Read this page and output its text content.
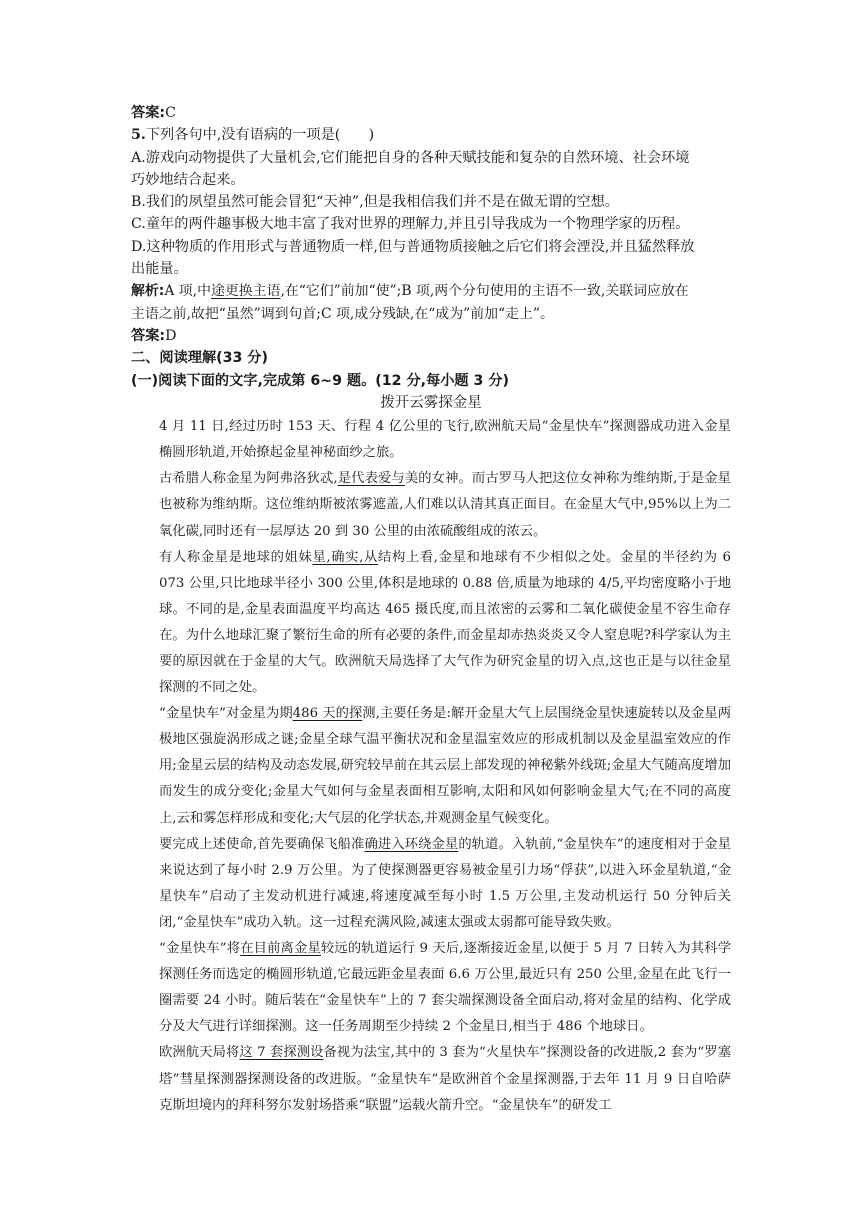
答案:C
5.下列各句中,没有语病的一项是(　　)
A.游戏向动物提供了大量机会,它们能把自身的各种天赋技能和复杂的自然环境、社会环境
巧妙地结合起来。
B.我们的夙望虽然可能会冒犯“天神”,但是我相信我们并不是在做无谓的空想。
C.童年的两件趣事极大地丰富了我对世界的理解力,并且引导我成为一个物理学家的历程。
D.这种物质的作用形式与普通物质一样,但与普通物质接触之后它们将会湮没,并且猛然释放
出能量。
解析:A 项,中途更换主语,在“它们”前加“使”;B 项,两个分句使用的主语不一致,关联词应放在
主语之前,故把“虽然”调到句首;C 项,成分残缺,在“成为”前加“走上”。
答案:D
二、阅读理解(33 分)
(一)阅读下面的文字,完成第 6~9 题。(12 分,每小题 3 分)
拨开云雾探金星

4 月 11 日,经过历时 153 天、行程 4 亿公里的飞行,欧洲航天局“金星快车”探测器成功进入金星椭圆形轨道,开始撩起金星神秘面纱之旅。

古希腊人称金星为阿弗洛狄忒,是代表爱与美的女神。而古罗马人把这位女神称为维纳斯,于是金星也被称为维纳斯。这位维纳斯被浓雾遮盖,人们难以认清其真正面目。在金星大气中,95%以上为二氧化碳,同时还有一层厚达 20 到 30 公里的由浓硫酸组成的浓云。

有人称金星是地球的姐妹星,确实,从结构上看,金星和地球有不少相似之处。金星的半径约为 6 073 公里,只比地球半径小 300 公里,体积是地球的 0.88 倍,质量为地球的 4/5,平均密度略小于地球。不同的是,金星表面温度平均高达 465 摄氏度,而且浓密的云雾和二氧化碳使金星不容生命存在。为什么地球汇聚了繁衍生命的所有必要的条件,而金星却赤热炎炎又令人窒息呢?科学家认为主要的原因就在于金星的大气。欧洲航天局选择了大气作为研究金星的切入点,这也正是与以往金星探测的不同之处。

“金星快车”对金星为期486 天的探测,主要任务是:解开金星大气上层围绕金星快速旋转以及金星两极地区强旋涡形成之谜;金星全球气温平衡状况和金星温室效应的形成机制以及金星温室效应的作用;金星云层的结构及动态发展,研究较早前在其云层上部发现的神秘紫外线斑;金星大气随高度增加而发生的成分变化;金星大气如何与金星表面相互影响,太阳和风如何影响金星大气;在不同的高度上,云和雾怎样形成和变化;大气层的化学状态,并观测金星气候变化。

要完成上述使命,首先要确保飞船准确进入环绕金星的轨道。入轨前,“金星快车”的速度相对于金星来说达到了每小时 2.9 万公里。为了使探测器更容易被金星引力场“俘获”,以进入环金星轨道,“金星快车”启动了主发动机进行减速,将速度减至每小时 1.5 万公里,主发动机运行 50 分钟后关闭,“金星快车”成功入轨。这一过程充满风险,减速太强或太弱都可能导致失败。

“金星快车”将在目前离金星较远的轨道运行 9 天后,逐渐接近金星,以便于 5 月 7 日转入为其科学探测任务而选定的椭圆形轨道,它最远距金星表面 6.6 万公里,最近只有 250 公里,金星在此飞行一圈需要 24 小时。随后装在“金星快车”上的 7 套尖端探测设备全面启动,将对金星的结构、化学成分及大气进行详细探测。这一任务周期至少持续 2 个金星日,相当于 486 个地球日。

欧洲航天局将这 7 套探测设备视为法宝,其中的 3 套为“火星快车”探测设备的改进版,2 套为“罗塞塔”彗星探测器探测设备的改进版。“金星快车”是欧洲首个金星探测器,于去年 11 月 9 日自哈萨克斯坦境内的拜科努尔发射场搭乘“联盟”运载火箭升空。“金星快车”的研发工
